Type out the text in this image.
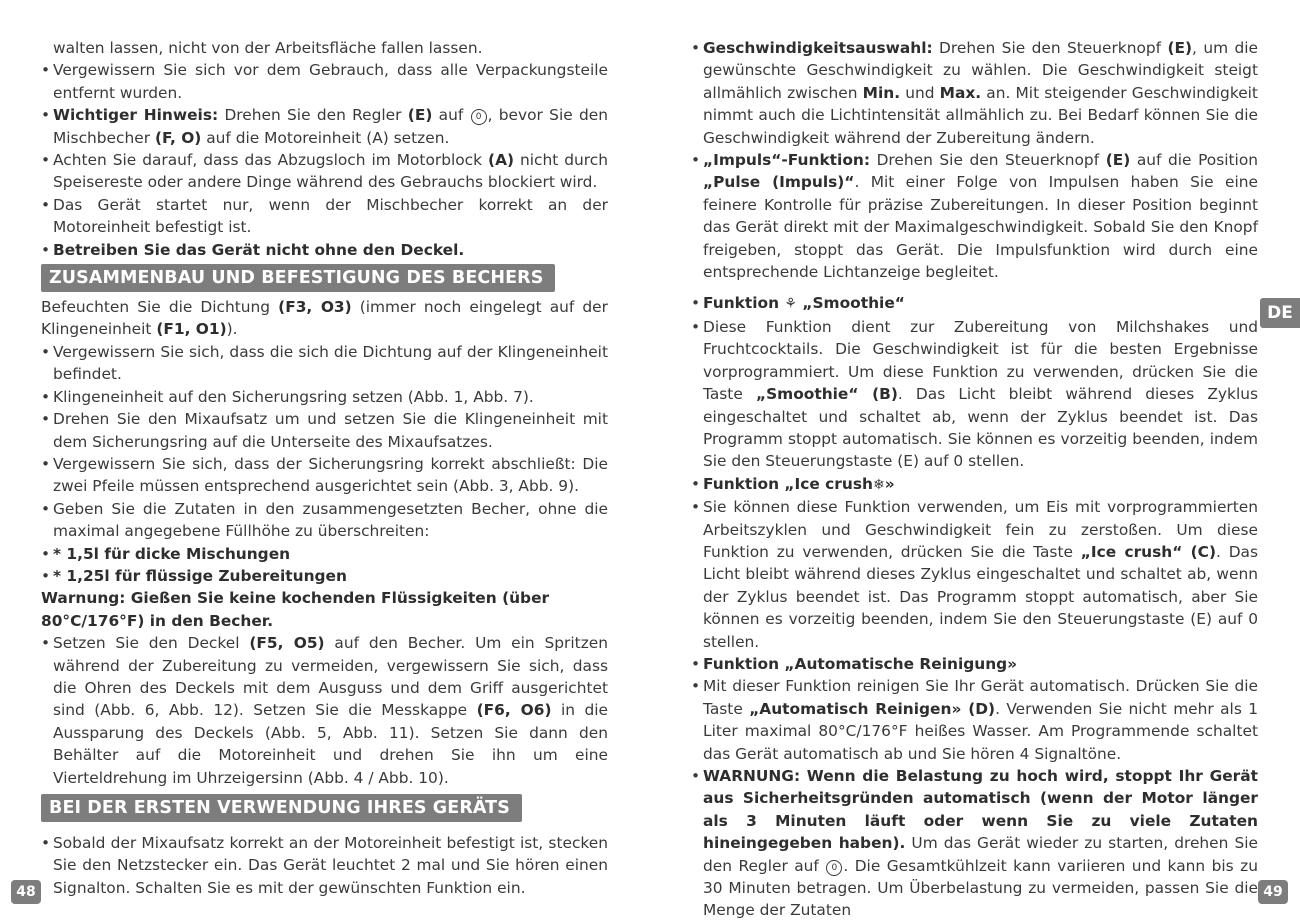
walten lassen, nicht von der Arbeitsfläche fallen lassen.

• Vergewissern Sie sich vor dem Gebrauch, dass alle Verpackungsteile entfernt wurden.

• Wichtiger Hinweis: Drehen Sie den Regler (E) auf 0 , bevor Sie den Mischbecher (F, O) auf die Motoreinheit (A) setzen.

• Achten Sie darauf, dass das Abzugsloch im Motorblock (A) nicht durch Speisereste oder andere Dinge während des Gebrauchs blockiert wird.

• Das Gerät startet nur, wenn der Mischbecher korrekt an der Motoreinheit befestigt ist.

• Betreiben Sie das Gerät nicht ohne den Deckel.

ZUSAMMENBAU UND BEFESTIGUNG DES BECHERS

Befeuchten Sie die Dichtung (F3, O3) (immer noch eingelegt auf der Klingeneinheit (F1, O1)).

• Vergewissern Sie sich, dass die sich die Dichtung auf der Klingeneinheit befindet.

• Klingeneinheit auf den Sicherungsring setzen (Abb. 1, Abb. 7).

• Drehen Sie den Mixaufsatz um und setzen Sie die Klingeneinheit mit dem Sicherungsring auf die Unterseite des Mixaufsatzes.

• Vergewissern Sie sich, dass der Sicherungsring korrekt abschließt: Die zwei Pfeile müssen entsprechend ausgerichtet sein (Abb. 3, Abb. 9).

• Geben Sie die Zutaten in den zusammengesetzten Becher, ohne die maximal angegebene Füllhöhe zu überschreiten:

• * 1,5l für dicke Mischungen

• * 1,25l für flüssige Zubereitungen

Warnung: Gießen Sie keine kochenden Flüssigkeiten (über 80°C/176°F) in den Becher.

• Setzen Sie den Deckel (F5, O5) auf den Becher. Um ein Spritzen während der Zubereitung zu vermeiden, vergewissern Sie sich, dass die Ohren des Deckels mit dem Ausguss und dem Griff ausgerichtet sind (Abb. 6, Abb. 12). Setzen Sie die Messkappe (F6, O6) in die Aussparung des Deckels (Abb. 5, Abb. 11). Setzen Sie dann den Behälter auf die Motoreinheit und drehen Sie ihn um eine Vierteldrehung im Uhrzeigersinn (Abb. 4 / Abb. 10).

BEI DER ERSTEN VERWENDUNG IHRES GERÄTS

• Sobald der Mixaufsatz korrekt an der Motoreinheit befestigt ist, stecken Sie den Netzstecker ein. Das Gerät leuchtet 2 mal und Sie hören einen Signalton. Schalten Sie es mit der gewünschten Funktion ein.

• Geschwindigkeitsauswahl: Drehen Sie den Steuerknopf (E), um die gewünschte Geschwindigkeit zu wählen. Die Geschwindigkeit steigt allmählich zwischen Min. und Max. an. Mit steigender Geschwindigkeit nimmt auch die Lichtintensität allmählich zu. Bei Bedarf können Sie die Geschwindigkeit während der Zubereitung ändern.

• „Impuls“-Funktion: Drehen Sie den Steuerknopf (E) auf die Position „Pulse (Impuls)“. Mit einer Folge von Impulsen haben Sie eine feinere Kontrolle für präzise Zubereitungen. In dieser Position beginnt das Gerät direkt mit der Maximalgeschwindigkeit. Sobald Sie den Knopf freigeben, stoppt das Gerät. Die Impulsfunktion wird durch eine entsprechende Lichtanzeige begleitet.

• Funktion ⚘ „Smoothie“

• Diese Funktion dient zur Zubereitung von Milchshakes und Fruchtcocktails. Die Geschwindigkeit ist für die besten Ergebnisse vorprogrammiert. Um diese Funktion zu verwenden, drücken Sie die Taste „Smoothie“ (B). Das Licht bleibt während dieses Zyklus eingeschaltet und schaltet ab, wenn der Zyklus beendet ist. Das Programm stoppt automatisch. Sie können es vorzeitig beenden, indem Sie den Steuerungstaste (E) auf 0 stellen.

• Funktion „Ice crush❄»

• Sie können diese Funktion verwenden, um Eis mit vorprogrammierten Arbeitszyklen und Geschwindigkeit fein zu zerstoßen. Um diese Funktion zu verwenden, drücken Sie die Taste „Ice crush“ (C). Das Licht bleibt während dieses Zyklus eingeschaltet und schaltet ab, wenn der Zyklus beendet ist. Das Programm stoppt automatisch, aber Sie können es vorzeitig beenden, indem Sie den Steuerungstaste (E) auf 0 stellen.

• Funktion „Automatische Reinigung»

• Mit dieser Funktion reinigen Sie Ihr Gerät automatisch. Drücken Sie die Taste „Automatisch Reinigen» (D). Verwenden Sie nicht mehr als 1 Liter maximal 80°C/176°F heißes Wasser. Am Programmende schaltet das Gerät automatisch ab und Sie hören 4 Signaltöne.

• WARNUNG: Wenn die Belastung zu hoch wird, stoppt Ihr Gerät aus Sicherheitsgründen automatisch (wenn der Motor länger als 3 Minuten läuft oder wenn Sie zu viele Zutaten hineingegeben haben). Um das Gerät wieder zu starten, drehen Sie den Regler auf 0 . Die Gesamtkühlzeit kann variieren und kann bis zu 30 Minuten betragen. Um Überbelastung zu vermeiden, passen Sie die Menge der Zutaten

DE
48	49
